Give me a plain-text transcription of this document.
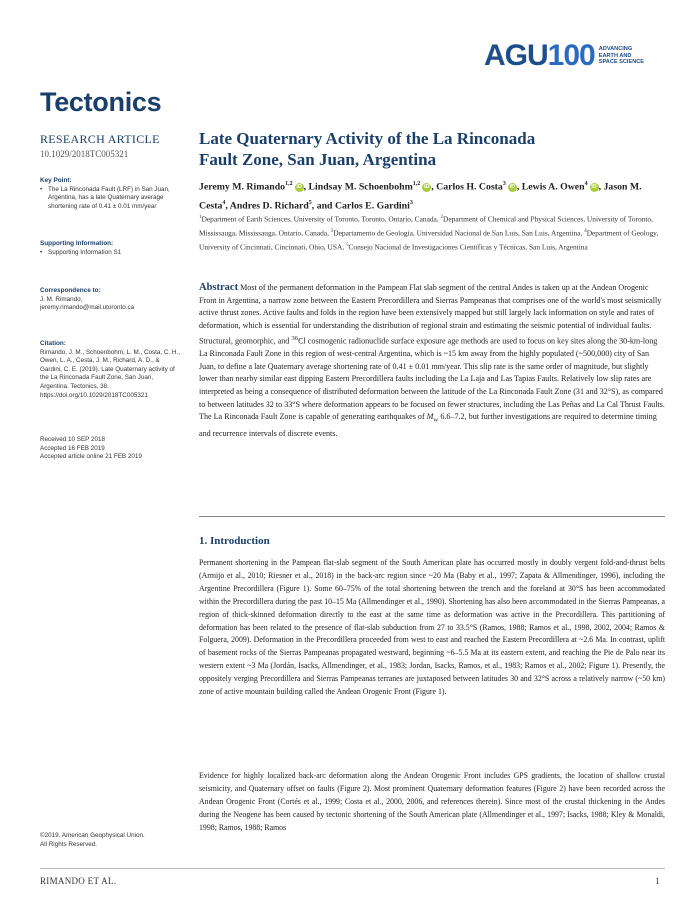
AGU100 ADVANCING
EARTH AND
SPACE SCIENCE
Tectonics
RESEARCH ARTICLE
10.1029/2018TC005321
Key Point:
• The La Rinconada Fault (LRF) in San Juan, Argentina, has a late Quaternary average shortening rate of 0.41 ± 0.01 mm/year
Supporting Information:
• Supporting Information S1
Correspondence to:
J. M. Rimando,
jeremy.rimando@mail.utoronto.ca
Citation:
Rimando, J. M., Schoenbohm, L. M., Costa, C. H., Owen, L. A., Cesta, J. M., Richard, A. D., & Gardini, C. E. (2019). Late Quaternary activity of the La Rinconada Fault Zone, San Juan, Argentina. Tectonics, 38. https://doi.org/10.1029/2018TC005321
Received 10 SEP 2018
Accepted 16 FEB 2019
Accepted article online 21 FEB 2019
©2019. American Geophysical Union.
All Rights Reserved.
Late Quaternary Activity of the La Rinconada
Fault Zone, San Juan, Argentina
Jeremy M. Rimando$^{1,2}$ iD , Lindsay M. Schoenbohm$^{1,2}$ iD , Carlos H. Costa$^3$ iD , Lewis A. Owen$^4$ iD , Jason M. Cesta$^4$, Andres D. Richard$^5$, and Carlos E. Gardini$^3$
$^1$Department of Earth Sciences, University of Toronto, Toronto, Ontario, Canada, $^2$Department of Chemical and Physical Sciences, University of Toronto, Mississauga, Mississauga, Ontario, Canada, $^3$Departamento de Geología, Universidad Nacional de San Luis, San Luis, Argentina, $^4$Department of Geology, University of Cincinnati, Cincinnati, Ohio, USA, $^5$Consejo Nacional de Investigaciones Científicas y Técnicas, San Luis, Argentina
Abstract Most of the permanent deformation in the Pampean Flat slab segment of the central Andes is taken up at the Andean Orogenic Front in Argentina, a narrow zone between the Eastern Precordillera and Sierras Pampeanas that comprises one of the world's most seismically active thrust zones. Active faults and folds in the region have been extensively mapped but still largely lack information on style and rates of deformation, which is essential for understanding the distribution of regional strain and estimating the seismic potential of individual faults. Structural, geomorphic, and $^{36}$Cl cosmogenic radionuclide surface exposure age methods are used to focus on key sites along the 30-km-long La Rinconada Fault Zone in this region of west-central Argentina, which is ~15 km away from the highly populated (~500,000) city of San Juan, to define a late Quaternary average shortening rate of 0.41 ± 0.01 mm/year. This slip rate is the same order of magnitude, but slightly lower than nearby similar east dipping Eastern Precordillera faults including the La Laja and Las Tapias Faults. Relatively low slip rates are interpreted as being a consequence of distributed deformation between the latitude of the La Rinconada Fault Zone (31 and 32°S), as compared to between latitudes 32 to 33°S where deformation appears to be focused on fewer structures, including the Las Peñas and La Cal Thrust Faults. The La Rinconada Fault Zone is capable of generating earthquakes of $M_w$ 6.6–7.2, but further investigations are required to determine timing and recurrence intervals of discrete events.
1. Introduction
Permanent shortening in the Pampean flat-slab segment of the South American plate has occurred mostly in doubly vergent fold-and-thrust belts (Armijo et al., 2010; Riesner et al., 2018) in the back-arc region since ~20 Ma (Baby et al., 1997; Zapata & Allmendinger, 1996), including the Argentine Precordillera (Figure 1). Some 60–75% of the total shortening between the trench and the foreland at 30°S has been accommodated within the Precordillera during the past 10–15 Ma (Allmendinger et al., 1990). Shortening has also been accommodated in the Sierras Pampeanas, a region of thick-skinned deformation directly to the east at the same time as deformation was active in the Precordillera. This partitioning of deformation has been related to the presence of flat-slab subduction from 27 to 33.5°S (Ramos, 1988; Ramos et al., 1998, 2002, 2004; Ramos & Folguera, 2009). Deformation in the Precordillera proceeded from west to east and reached the Eastern Precordillera at ~2.6 Ma. In contrast, uplift of basement rocks of the Sierras Pampeanas propagated westward, beginning ~6–5.5 Ma at its eastern extent, and reaching the Pie de Palo near its western extent ~3 Ma (Jordán, Isacks, Allmendinger, et al., 1983; Jordan, Isacks, Ramos, et al., 1983; Ramos et al., 2002; Figure 1). Presently, the oppositely verging Precordillera and Sierras Pampeanas terranes are juxtaposed between latitudes 30 and 32°S across a relatively narrow (~50 km) zone of active mountain building called the Andean Orogenic Front (Figure 1).
Evidence for highly localized back-arc deformation along the Andean Orogenic Front includes GPS gradients, the location of shallow crustal seismicity, and Quaternary offset on faults (Figure 2). Most prominent Quaternary deformation features (Figure 2) have been recorded across the Andean Orogenic Front (Cortés et al., 1999; Costa et al., 2000, 2006, and references therein). Since most of the crustal thickening in the Andes during the Neogene has been caused by tectonic shortening of the South American plate (Allmendinger et al., 1997; Isacks, 1988; Kley & Monaldi, 1998; Ramos, 1988; Ramos
RIMANDO ET AL.	1
